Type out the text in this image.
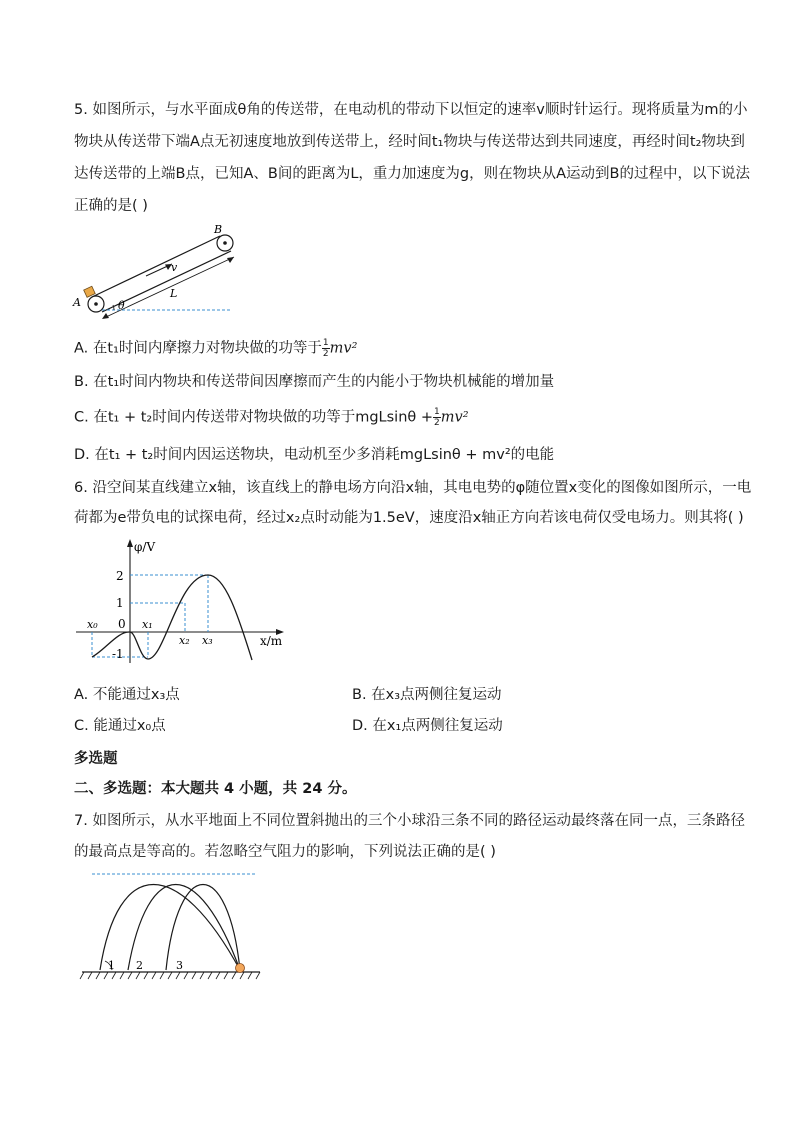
5. 如图所示，与水平面成θ角的传送带，在电动机的带动下以恒定的速率v顺时针运行。现将质量为m的小
物块从传送带下端A点无初速度地放到传送带上，经时间t₁物块与传送带达到共同速度，再经时间t₂物块到
达传送带的上端B点，已知A、B间的距离为L，重力加速度为g，则在物块从A运动到B的过程中，以下说法
正确的是( )
B
A
v
L
θ
A. 在t₁时间内摩擦力对物块做的功等于 $\frac{1}{2} mv^2$
B. 在t₁时间内物块和传送带间因摩擦而产生的内能小于物块机械能的增加量
C. 在t₁ + t₂时间内传送带对物块做的功等于$mgLsin\theta + \frac{1}{2} mv^2$
D. 在t₁ + t₂时间内因运送物块，电动机至少多消耗mgLsinθ + mv²的电能
6. 沿空间某直线建立x轴，该直线上的静电场方向沿x轴，其电电势的φ随位置x变化的图像如图所示，一电
荷都为e带负电的试探电荷，经过x₂点时动能为1.5eV，速度沿x轴正方向若该电荷仅受电场力。则其将( )
φ/V
x/m
2
1
0
-1
x₀	x₁
x₂ x₃
A. 不能通过x₃点	B. 在x₃点两侧往复运动
C. 能通过x₀点	D. 在x₁点两侧往复运动
多选题
二、多选题：本大题共 4 小题，共 24 分。
7. 如图所示，从水平地面上不同位置斜抛出的三个小球沿三条不同的路径运动最终落在同一点，三条路径
的最高点是等高的。若忽略空气阻力的影响，下列说法正确的是( )
1 2	3
